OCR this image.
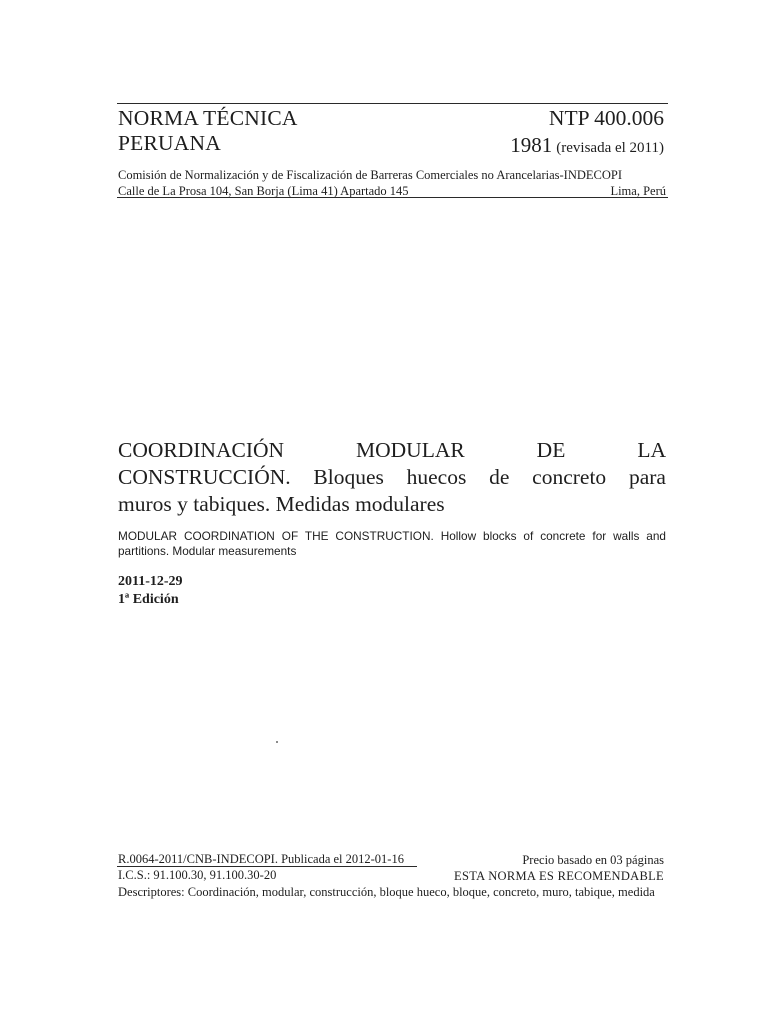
NORMA TÉCNICA
PERUANA
NTP 400.006
1981 (revisada el 2011)
Comisión de Normalización y de Fiscalización de Barreras Comerciales no Arancelarias-INDECOPI
Calle de La Prosa 104, San Borja (Lima 41) Apartado 145	Lima, Perú
COORDINACIÓN	MODULAR	DE	LA
CONSTRUCCIÓN. Bloques huecos de concreto para
muros y tabiques. Medidas modulares
MODULAR COORDINATION OF THE CONSTRUCTION. Hollow blocks of concrete for walls and partitions. Modular measurements
2011-12-29
1ª Edición
R.0064-2011/CNB-INDECOPI. Publicada el 2012-01-16	Precio basado en 03 páginas
I.C.S.: 91.100.30, 91.100.30-20	ESTA NORMA ES RECOMENDABLE
Descriptores: Coordinación, modular, construcción, bloque hueco, bloque, concreto, muro, tabique, medida
